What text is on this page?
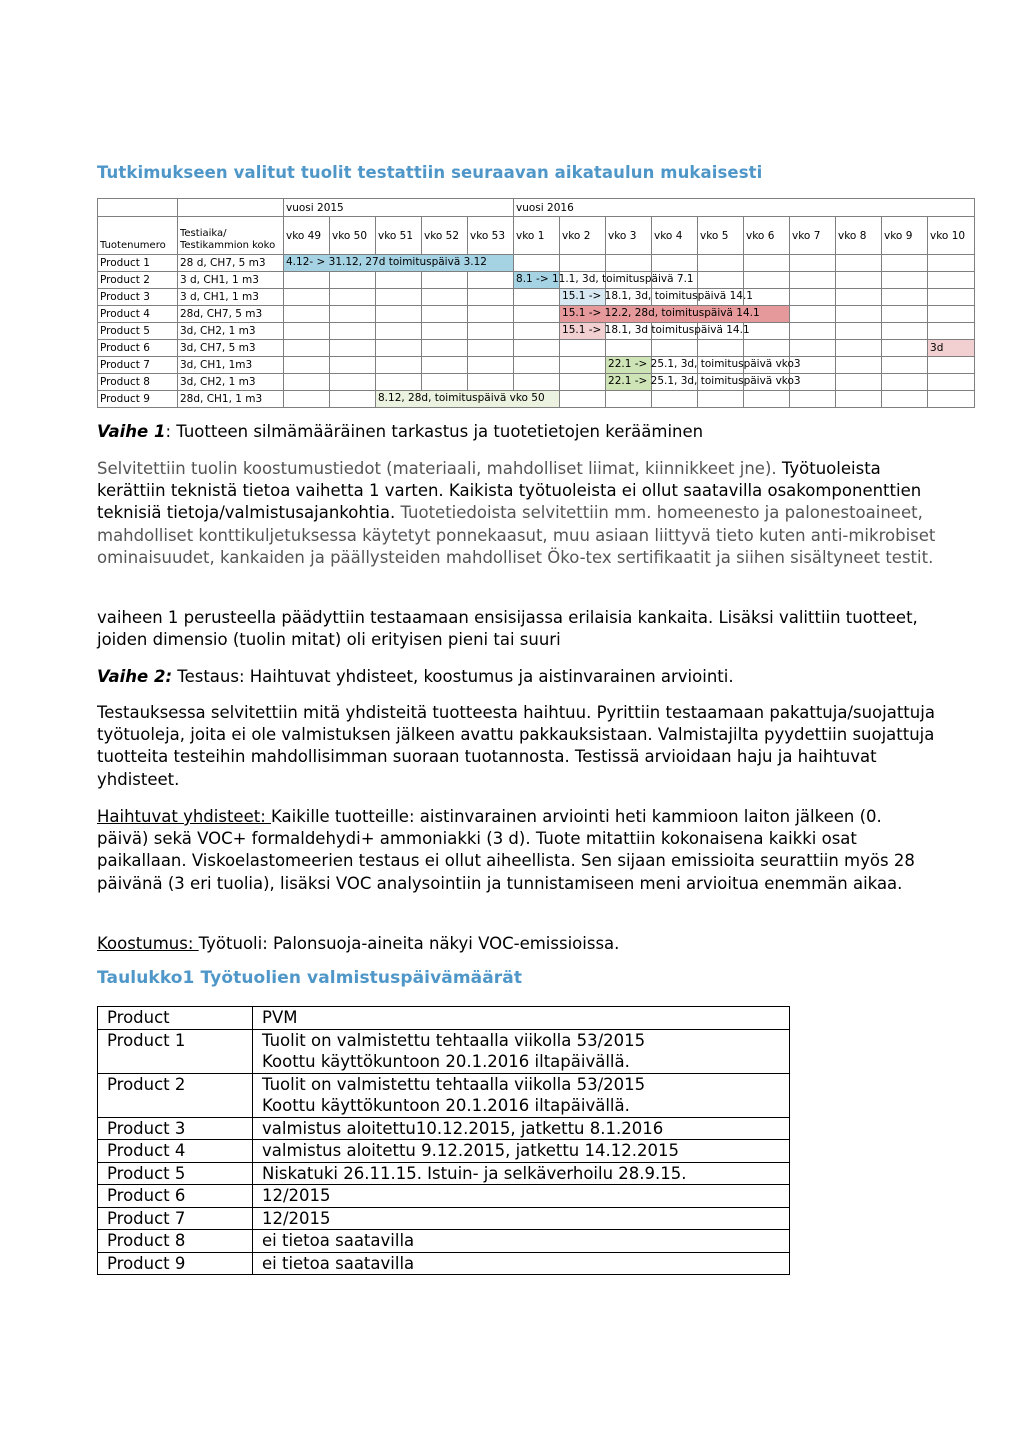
Tutkimukseen valitut tuolit testattiin seuraavan aikataulun mukaisesti
		vuosi 2015					vuosi 2016										
Tuotenumero	Testiaika/
Testikammion koko	vko 49	vko 50	vko 51	vko 52	vko 53	vko 1	vko 2	vko 3	vko 4	vko 5	vko 6	vko 7	vko 8	vko 9	vko 10	
Product 1	28 d, CH7, 5 m3	4.12- > 31.12, 27d toimituspäivä 3.12															

Product 2	3 d, CH1, 1 m3						8.1 -> 11.1, 3d, toimituspäivä 7.1										

Product 3	3 d, CH1, 1 m3							15.1 -> 18.1, 3d, toimituspäivä 14.1									

Product 4	28d, CH7, 5 m3							15.1 -> 12.2, 28d, toimituspäivä 14.1									

Product 5	3d, CH2, 1 m3							15.1 -> 18.1, 3d toimituspäivä 14.1									

Product 6	3d, CH7, 5 m3															3d	
Product 7	3d, CH1, 1m3								22.1 -> 25.1, 3d, toimituspäivä vko3								

Product 8	3d, CH2, 1 m3								22.1 -> 25.1, 3d, toimituspäivä vko3								

Product 9	28d, CH1, 1 m3			8.12, 28d, toimituspäivä vko 50													

Vaihe 1: Tuotteen silmämääräinen tarkastus ja tuotetietojen kerääminen
Selvitettiin tuolin koostumustiedot (materiaali, mahdolliset liimat, kiinnikkeet jne). Työtuoleista kerättiin teknistä tietoa vaihetta 1 varten. Kaikista työtuoleista ei ollut saatavilla osakomponenttien teknisiä tietoja/valmistusajankohtia. Tuotetiedoista selvitettiin mm. homeenesto ja palonestoaineet, mahdolliset konttikuljetuksessa käytetyt ponnekaasut, muu asiaan liittyvä tieto kuten anti-mikrobiset ominaisuudet, kankaiden ja päällysteiden mahdolliset Öko-tex sertifikaatit ja siihen sisältyneet testit.
vaiheen 1 perusteella päädyttiin testaamaan ensisijassa erilaisia kankaita. Lisäksi valittiin tuotteet, joiden dimensio (tuolin mitat) oli erityisen pieni tai suuri
Vaihe 2: Testaus: Haihtuvat yhdisteet, koostumus ja aistinvarainen arviointi.
Testauksessa selvitettiin mitä yhdisteitä tuotteesta haihtuu. Pyrittiin testaamaan pakattuja/suojattuja työtuoleja, joita ei ole valmistuksen jälkeen avattu pakkauksistaan. Valmistajilta pyydettiin suojattuja tuotteita testeihin mahdollisimman suoraan tuotannosta. Testissä arvioidaan haju ja haihtuvat yhdisteet.
Haihtuvat yhdisteet: Kaikille tuotteille: aistinvarainen arviointi heti kammioon laiton jälkeen (0. päivä) sekä VOC+ formaldehydi+ ammoniakki (3 d). Tuote mitattiin kokonaisena kaikki osat paikallaan. Viskoelastomeerien testaus ei ollut aiheellista. Sen sijaan emissioita seurattiin myös 28 päivänä (3 eri tuolia), lisäksi VOC analysointiin ja tunnistamiseen meni arvioitua enemmän aikaa.
Koostumus: Työtuoli: Palonsuoja-aineita näkyi VOC-emissioissa.
Taulukko1 Työtuolien valmistuspäivämäärät
Product	PVM
Product 1	Tuolit on valmistettu tehtaalla viikolla 53/2015
Koottu käyttökuntoon 20.1.2016 iltapäivällä.

Product 2	Tuolit on valmistettu tehtaalla viikolla 53/2015
Koottu käyttökuntoon 20.1.2016 iltapäivällä.

Product 3	valmistus aloitettu10.12.2015, jatkettu 8.1.2016
Product 4	valmistus aloitettu 9.12.2015, jatkettu 14.12.2015
Product 5	Niskatuki 26.11.15. Istuin- ja selkäverhoilu 28.9.15.
Product 6	12/2015
Product 7	12/2015
Product 8	ei tietoa saatavilla
Product 9	ei tietoa saatavilla
